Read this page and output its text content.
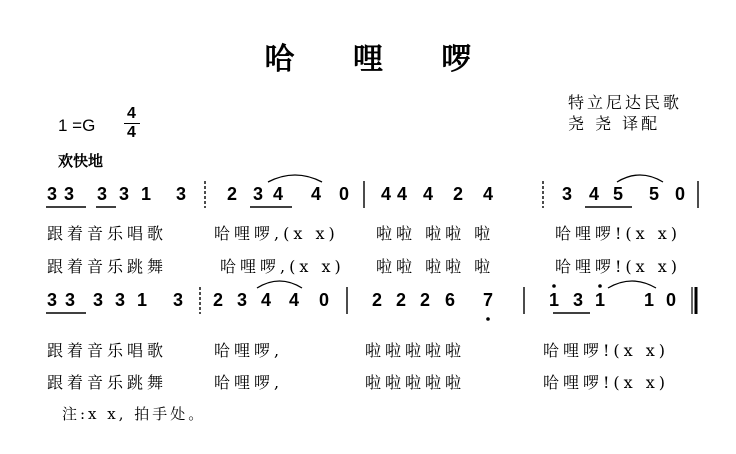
哈 哩 啰
特立尼达民歌
尧 尧 译配
1 =G
4
4
欢快地
3 3 3 3 1 3 2 3 4 4 0 4 4 4 2 4	3 4 5 5 0
3 3 3 3 1 3 2 3 4 4 0 2 2 2 6 7	1 3 1 1 0
跟着音乐唱歌	哈哩啰,(x x) 啦啦 啦啦 啦	哈哩啰!(x x)
跟着音乐跳舞	哈哩啰,(x x) 啦啦 啦啦 啦	哈哩啰!(x x)
跟着音乐唱歌	哈哩啰,	啦啦啦啦啦	哈哩啰!(x x)
跟着音乐跳舞	哈哩啰,	啦啦啦啦啦	哈哩啰!(x x)
注:x x, 拍手处。
